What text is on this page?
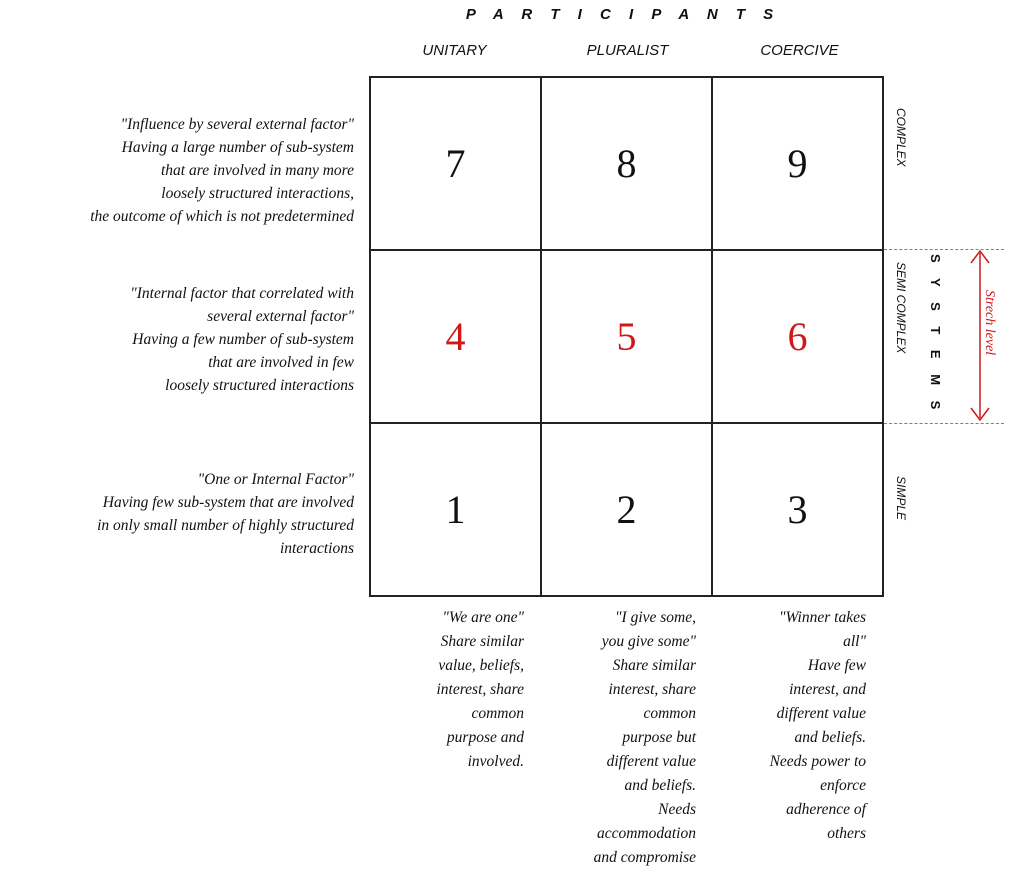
P A R T I C I P A N T S
UNITARY	PLURALIST	COERCIVE
"Influence by several external factor"
Having a large number of sub-system
that are involved in many more
loosely structured interactions,
the outcome of which is not predetermined
"Internal factor that correlated with
several external factor"
Having a few number of sub-system
that are involved in few
loosely structured interactions
"One or Internal Factor"
Having few sub-system that are involved
in only small number of highly structured
interactions
7	8	9
4	5	6
1	2	3
COMPLEX
SEMI COMPLEX
SIMPLE
S Y S T E M S	Strech level
"We are one"
Share similar
value, beliefs,
interest, share
common
purpose and
involved.
"I give some,
you give some"
Share similar
interest, share
common
purpose but
different value
and beliefs.
Needs
accommodation
and compromise
"Winner takes
all"
Have few
interest, and
different value
and beliefs.
Needs power to
enforce
adherence of
others
